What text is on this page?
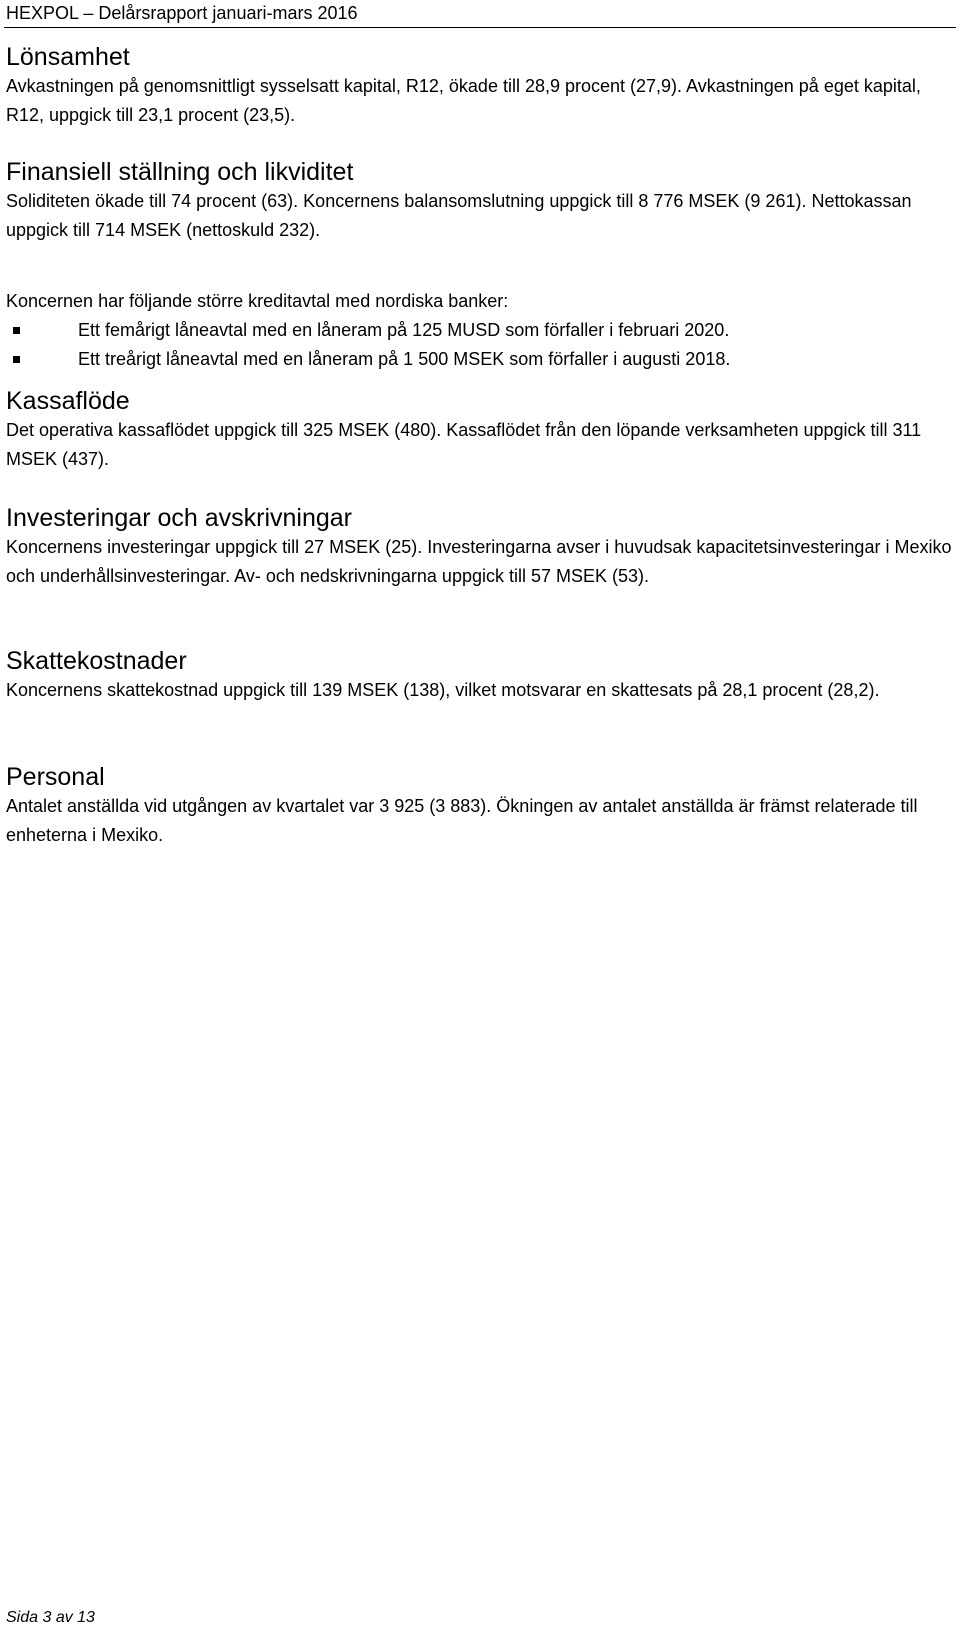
HEXPOL – Delårsrapport januari-mars 2016
Lönsamhet

Avkastningen på genomsnittligt sysselsatt kapital, R12, ökade till 28,9 procent (27,9). Avkastningen på eget kapital, R12, uppgick till 23,1 procent (23,5).

Finansiell ställning och likviditet

Soliditeten ökade till 74 procent (63). Koncernens balansomslutning uppgick till 8 776 MSEK (9 261). Nettokassan uppgick till 714 MSEK (nettoskuld 232).

Koncernen har följande större kreditavtal med nordiska banker:

Ett femårigt låneavtal med en låneram på 125 MUSD som förfaller i februari 2020.
Ett treårigt låneavtal med en låneram på 1 500 MSEK som förfaller i augusti 2018.
Kassaflöde

Det operativa kassaflödet uppgick till 325 MSEK (480). Kassaflödet från den löpande verksamheten uppgick till 311 MSEK (437).

Investeringar och avskrivningar

Koncernens investeringar uppgick till 27 MSEK (25). Investeringarna avser i huvudsak kapacitetsinvesteringar i Mexiko och underhållsinvesteringar. Av- och nedskrivningarna uppgick till 57 MSEK (53).

Skattekostnader

Koncernens skattekostnad uppgick till 139 MSEK (138), vilket motsvarar en skattesats på 28,1 procent (28,2).

Personal

Antalet anställda vid utgången av kvartalet var 3 925 (3 883). Ökningen av antalet anställda är främst relaterade till enheterna i Mexiko.

Sida 3 av 13
